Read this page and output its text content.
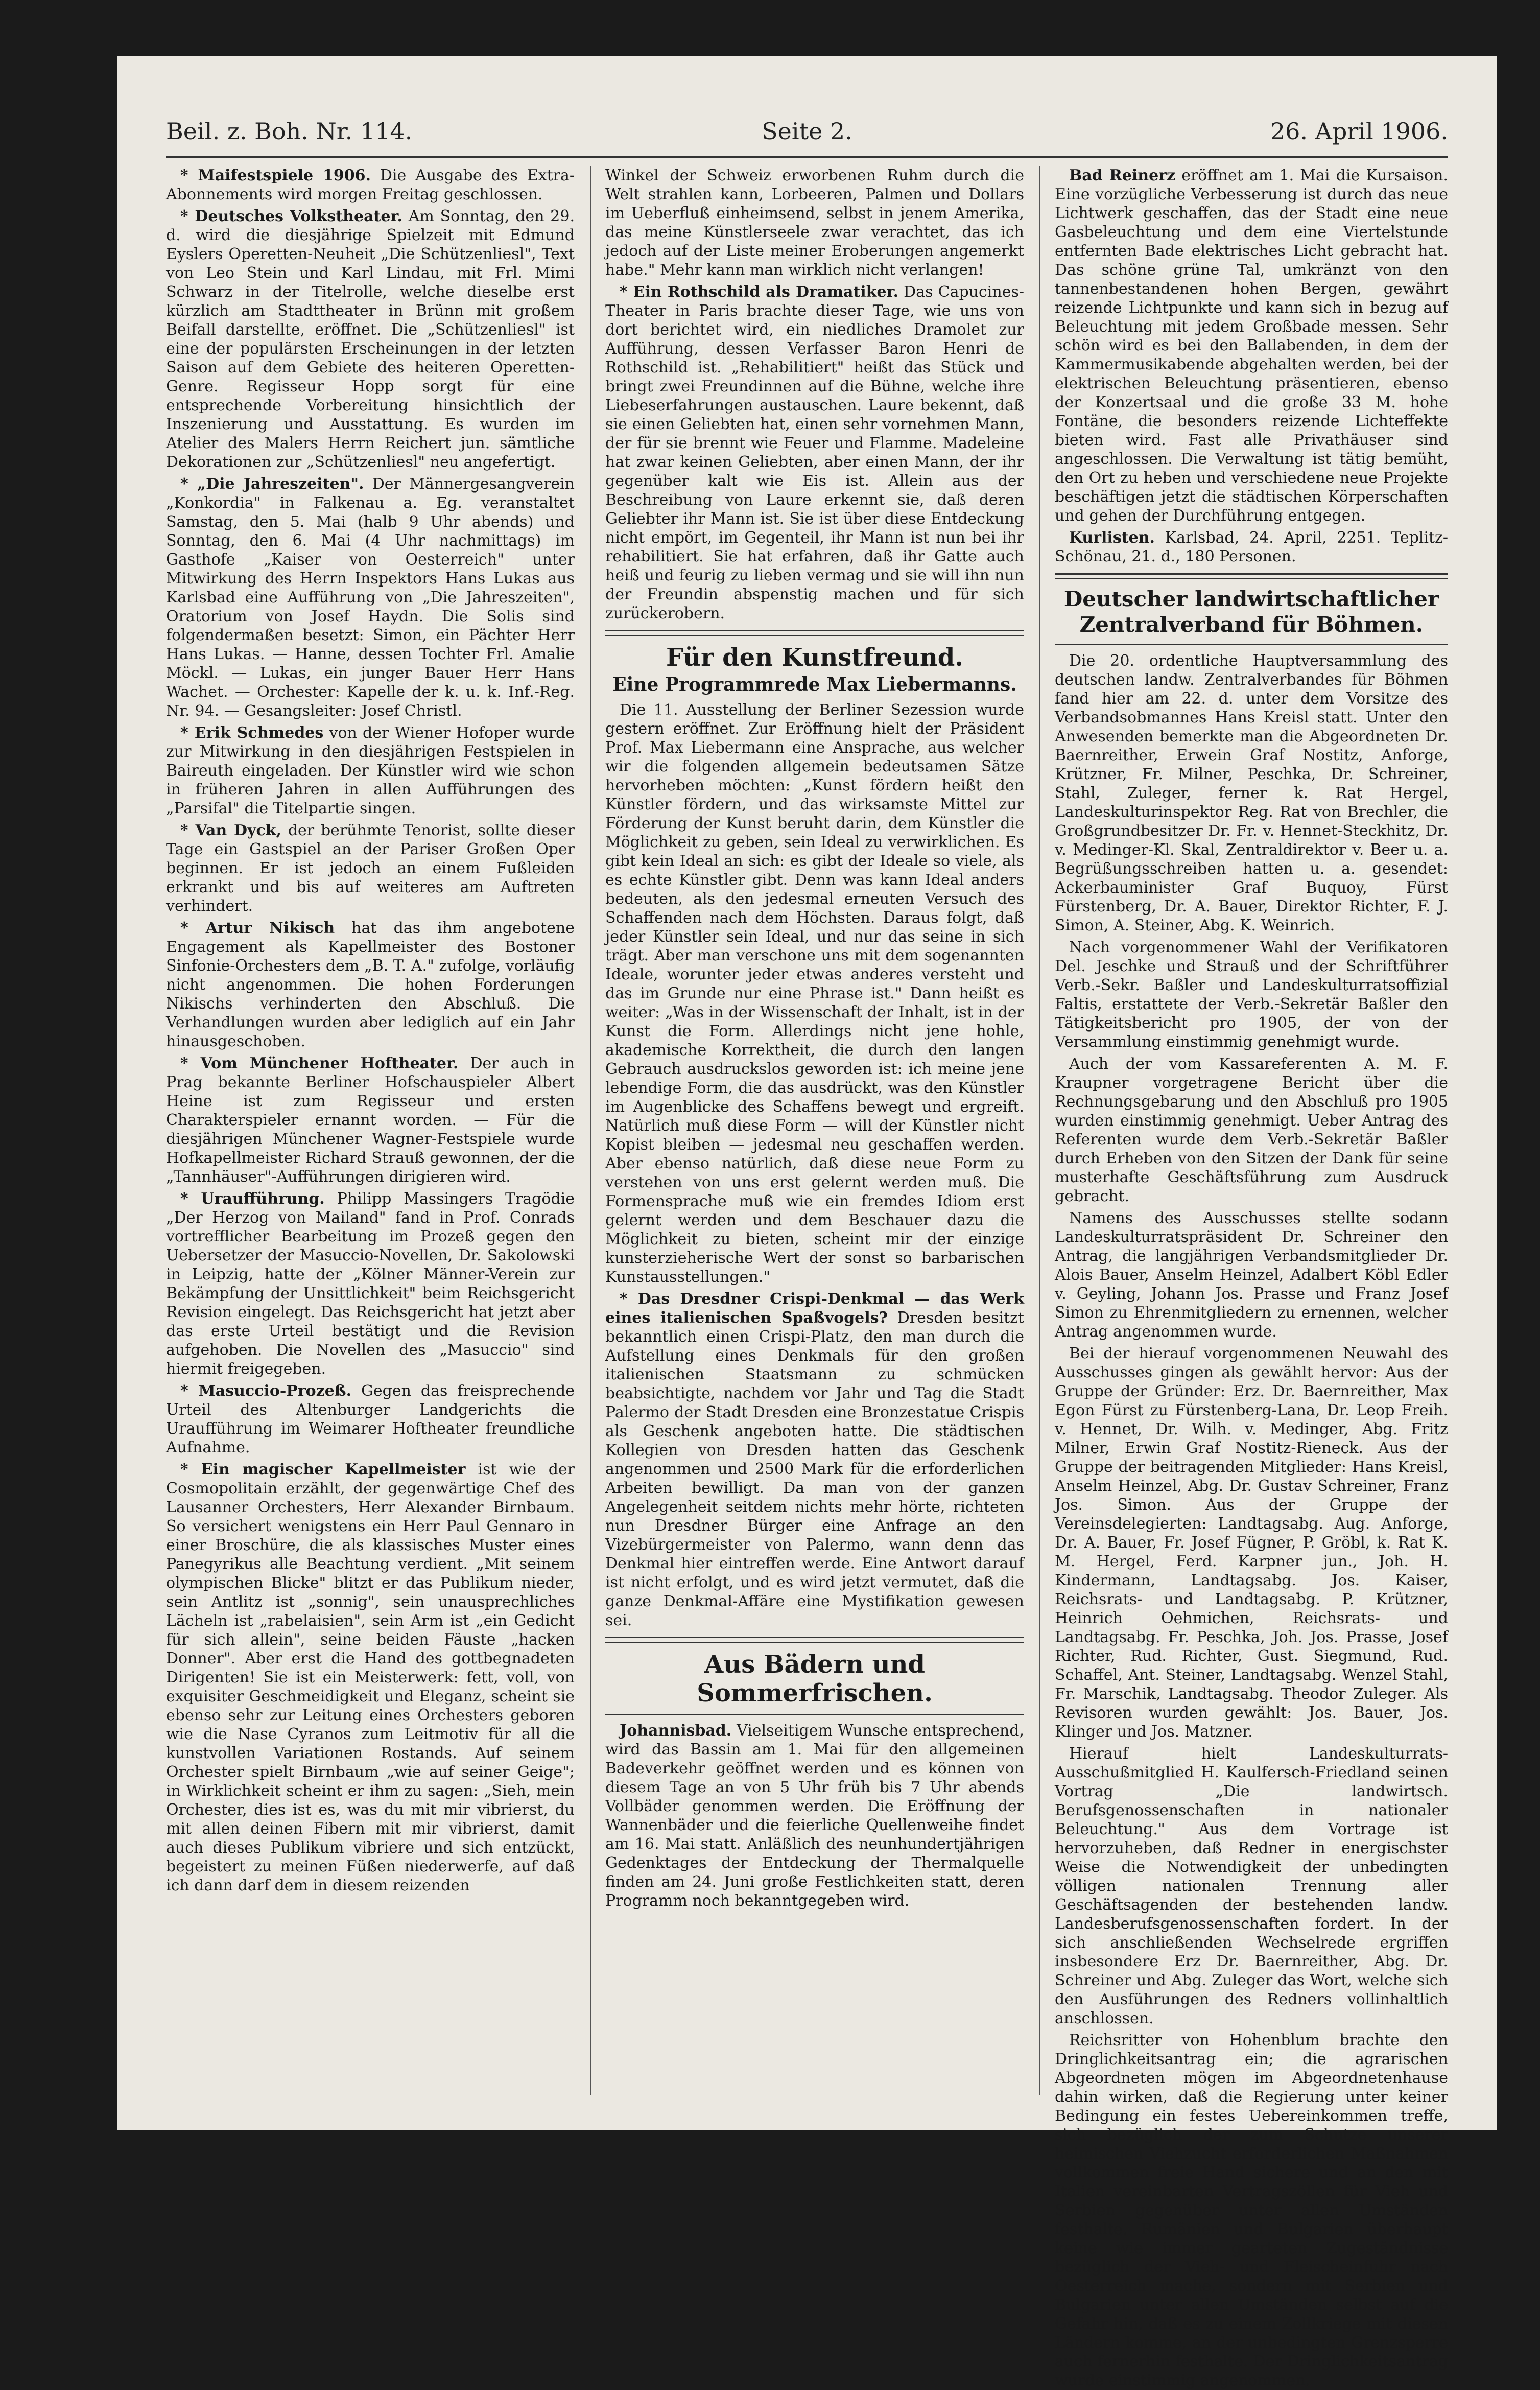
Beil. z. Boh. Nr. 114.	Seite 2.	26. April 1906.

* Maifestspiele 1906. Die Ausgabe des Extra-Abonnements wird morgen Freitag geschlossen.

* Deutsches Volkstheater. Am Sonntag, den 29. d. wird die diesjährige Spielzeit mit Edmund Eyslers Operetten-Neuheit „Die Schützenliesl", Text von Leo Stein und Karl Lindau, mit Frl. Mimi Schwarz in der Titelrolle, welche dieselbe erst kürzlich am Stadttheater in Brünn mit großem Beifall darstellte, eröffnet. Die „Schützenliesl" ist eine der populärsten Erscheinungen in der letzten Saison auf dem Gebiete des heiteren Operetten-Genre. Regisseur Hopp sorgt für eine entsprechende Vorbereitung hinsichtlich der Inszenierung und Ausstattung. Es wurden im Atelier des Malers Herrn Reichert jun. sämtliche Dekorationen zur „Schützenliesl" neu angefertigt.

* „Die Jahreszeiten". Der Männergesangverein „Konkordia" in Falkenau a. Eg. veranstaltet Samstag, den 5. Mai (halb 9 Uhr abends) und Sonntag, den 6. Mai (4 Uhr nachmittags) im Gasthofe „Kaiser von Oesterreich" unter Mitwirkung des Herrn Inspektors Hans Lukas aus Karlsbad eine Aufführung von „Die Jahreszeiten", Oratorium von Josef Haydn. Die Solis sind folgendermaßen besetzt: Simon, ein Pächter Herr Hans Lukas. — Hanne, dessen Tochter Frl. Amalie Möckl. — Lukas, ein junger Bauer Herr Hans Wachet. — Orchester: Kapelle der k. u. k. Inf.-Reg. Nr. 94. — Gesangsleiter: Josef Christl.

* Erik Schmedes von der Wiener Hofoper wurde zur Mitwirkung in den diesjährigen Festspielen in Baireuth eingeladen. Der Künstler wird wie schon in früheren Jahren in allen Aufführungen des „Parsifal" die Titelpartie singen.

* Van Dyck, der berühmte Tenorist, sollte dieser Tage ein Gastspiel an der Pariser Großen Oper beginnen. Er ist jedoch an einem Fußleiden erkrankt und bis auf weiteres am Auftreten verhindert.

* Artur Nikisch hat das ihm angebotene Engagement als Kapellmeister des Bostoner Sinfonie-Orchesters dem „B. T. A." zufolge, vorläufig nicht angenommen. Die hohen Forderungen Nikischs verhinderten den Abschluß. Die Verhandlungen wurden aber lediglich auf ein Jahr hinausgeschoben.

* Vom Münchener Hoftheater. Der auch in Prag bekannte Berliner Hofschauspieler Albert Heine ist zum Regisseur und ersten Charakterspieler ernannt worden. — Für die diesjährigen Münchener Wagner-Festspiele wurde Hofkapellmeister Richard Strauß gewonnen, der die „Tannhäuser"-Aufführungen dirigieren wird.

* Uraufführung. Philipp Massingers Tragödie „Der Herzog von Mailand" fand in Prof. Conrads vortrefflicher Bearbeitung im Prozeß gegen den Uebersetzer der Masuccio-Novellen, Dr. Sakolowski in Leipzig, hatte der „Kölner Männer-Verein zur Bekämpfung der Unsittlichkeit" beim Reichsgericht Revision eingelegt. Das Reichsgericht hat jetzt aber das erste Urteil bestätigt und die Revision aufgehoben. Die Novellen des „Masuccio" sind hiermit freigegeben.

* Masuccio-Prozeß. Gegen das freisprechende Urteil des Altenburger Landgerichts die Uraufführung im Weimarer Hoftheater freundliche Aufnahme.

* Ein magischer Kapellmeister ist wie der Cosmopolitain erzählt, der gegenwärtige Chef des Lausanner Orchesters, Herr Alexander Birnbaum. So versichert wenigstens ein Herr Paul Gennaro in einer Broschüre, die als klassisches Muster eines Panegyrikus alle Beachtung verdient. „Mit seinem olympischen Blicke" blitzt er das Publikum nieder, sein Antlitz ist „sonnig", sein unausprechliches Lächeln ist „rabelaisien", sein Arm ist „ein Gedicht für sich allein", seine beiden Fäuste „hacken Donner". Aber erst die Hand des gottbegnadeten Dirigenten! Sie ist ein Meisterwerk: fett, voll, von exquisiter Geschmeidigkeit und Eleganz, scheint sie ebenso sehr zur Leitung eines Orchesters geboren wie die Nase Cyranos zum Leitmotiv für all die kunstvollen Variationen Rostands. Auf seinem Orchester spielt Birnbaum „wie auf seiner Geige"; in Wirklichkeit scheint er ihm zu sagen: „Sieh, mein Orchester, dies ist es, was du mit mir vibrierst, du mit allen deinen Fibern mit mir vibrierst, damit auch dieses Publikum vibriere und sich entzückt, begeistert zu meinen Füßen niederwerfe, auf daß ich dann darf dem in diesem reizenden

Winkel der Schweiz erworbenen Ruhm durch die Welt strahlen kann, Lorbeeren, Palmen und Dollars im Ueberfluß einheimsend, selbst in jenem Amerika, das meine Künstlerseele zwar verachtet, das ich jedoch auf der Liste meiner Eroberungen angemerkt habe." Mehr kann man wirklich nicht verlangen!

* Ein Rothschild als Dramatiker. Das Capucines-Theater in Paris brachte dieser Tage, wie uns von dort berichtet wird, ein niedliches Dramolet zur Aufführung, dessen Verfasser Baron Henri de Rothschild ist. „Rehabilitiert" heißt das Stück und bringt zwei Freundinnen auf die Bühne, welche ihre Liebeserfahrungen austauschen. Laure bekennt, daß sie einen Geliebten hat, einen sehr vornehmen Mann, der für sie brennt wie Feuer und Flamme. Madeleine hat zwar keinen Geliebten, aber einen Mann, der ihr gegenüber kalt wie Eis ist. Allein aus der Beschreibung von Laure erkennt sie, daß deren Geliebter ihr Mann ist. Sie ist über diese Entdeckung nicht empört, im Gegenteil, ihr Mann ist nun bei ihr rehabilitiert. Sie hat erfahren, daß ihr Gatte auch heiß und feurig zu lieben vermag und sie will ihn nun der Freundin abspenstig machen und für sich zurückerobern.

Für den Kunstfreund.
Eine Programmrede Max Liebermanns.

Die 11. Ausstellung der Berliner Sezession wurde gestern eröffnet. Zur Eröffnung hielt der Präsident Prof. Max Liebermann eine Ansprache, aus welcher wir die folgenden allgemein bedeutsamen Sätze hervorheben möchten: „Kunst fördern heißt den Künstler fördern, und das wirksamste Mittel zur Förderung der Kunst beruht darin, dem Künstler die Möglichkeit zu geben, sein Ideal zu verwirklichen. Es gibt kein Ideal an sich: es gibt der Ideale so viele, als es echte Künstler gibt. Denn was kann Ideal anders bedeuten, als den jedesmal erneuten Versuch des Schaffenden nach dem Höchsten. Daraus folgt, daß jeder Künstler sein Ideal, und nur das seine in sich trägt. Aber man verschone uns mit dem sogenannten Ideale, worunter jeder etwas anderes versteht und das im Grunde nur eine Phrase ist." Dann heißt es weiter: „Was in der Wissenschaft der Inhalt, ist in der Kunst die Form. Allerdings nicht jene hohle, akademische Korrektheit, die durch den langen Gebrauch ausdruckslos geworden ist: ich meine jene lebendige Form, die das ausdrückt, was den Künstler im Augenblicke des Schaffens bewegt und ergreift. Natürlich muß diese Form — will der Künstler nicht Kopist bleiben — jedesmal neu geschaffen werden. Aber ebenso natürlich, daß diese neue Form zu verstehen von uns erst gelernt werden muß. Die Formensprache muß wie ein fremdes Idiom erst gelernt werden und dem Beschauer dazu die Möglichkeit zu bieten, scheint mir der einzige kunsterzieherische Wert der sonst so barbarischen Kunstausstellungen."

* Das Dresdner Crispi-Denkmal — das Werk eines italienischen Spaßvogels? Dresden besitzt bekanntlich einen Crispi-Platz, den man durch die Aufstellung eines Denkmals für den großen italienischen Staatsmann zu schmücken beabsichtigte, nachdem vor Jahr und Tag die Stadt Palermo der Stadt Dresden eine Bronzestatue Crispis als Geschenk angeboten hatte. Die städtischen Kollegien von Dresden hatten das Geschenk angenommen und 2500 Mark für die erforderlichen Arbeiten bewilligt. Da man von der ganzen Angelegenheit seitdem nichts mehr hörte, richteten nun Dresdner Bürger eine Anfrage an den Vizebürgermeister von Palermo, wann denn das Denkmal hier eintreffen werde. Eine Antwort darauf ist nicht erfolgt, und es wird jetzt vermutet, daß die ganze Denkmal-Affäre eine Mystifikation gewesen sei.

Aus Bädern und Sommerfrischen.

Johannisbad. Vielseitigem Wunsche entsprechend, wird das Bassin am 1. Mai für den allgemeinen Badeverkehr geöffnet werden und es können von diesem Tage an von 5 Uhr früh bis 7 Uhr abends Vollbäder genommen werden. Die Eröffnung der Wannenbäder und die feierliche Quellenweihe findet am 16. Mai statt. Anläßlich des neunhundertjährigen Gedenktages der Entdeckung der Thermalquelle finden am 24. Juni große Festlichkeiten statt, deren Programm noch bekanntgegeben wird.

Bad Reinerz eröffnet am 1. Mai die Kursaison. Eine vorzügliche Verbesserung ist durch das neue Lichtwerk geschaffen, das der Stadt eine neue Gasbeleuchtung und dem eine Viertelstunde entfernten Bade elektrisches Licht gebracht hat. Das schöne grüne Tal, umkränzt von den tannenbestandenen hohen Bergen, gewährt reizende Lichtpunkte und kann sich in bezug auf Beleuchtung mit jedem Großbade messen. Sehr schön wird es bei den Ballabenden, in dem der Kammermusikabende abgehalten werden, bei der elektrischen Beleuchtung präsentieren, ebenso der Konzertsaal und die große 33 M. hohe Fontäne, die besonders reizende Lichteffekte bieten wird. Fast alle Privathäuser sind angeschlossen. Die Verwaltung ist tätig bemüht, den Ort zu heben und verschiedene neue Projekte beschäftigen jetzt die städtischen Körperschaften und gehen der Durchführung entgegen.

Kurlisten. Karlsbad, 24. April, 2251. Teplitz-Schönau, 21. d., 180 Personen.

Deutscher landwirtschaftlicher Zentralverband für Böhmen.

Die 20. ordentliche Hauptversammlung des deutschen landw. Zentralverbandes für Böhmen fand hier am 22. d. unter dem Vorsitze des Verbandsobmannes Hans Kreisl statt. Unter den Anwesenden bemerkte man die Abgeordneten Dr. Baernreither, Erwein Graf Nostitz, Anforge, Krützner, Fr. Milner, Peschka, Dr. Schreiner, Stahl, Zuleger, ferner k. Rat Hergel, Landeskulturinspektor Reg. Rat von Brechler, die Großgrundbesitzer Dr. Fr. v. Hennet-Steckhitz, Dr. v. Medinger-Kl. Skal, Zentraldirektor v. Beer u. a. Begrüßungsschreiben hatten u. a. gesendet: Ackerbauminister Graf Buquoy, Fürst Fürstenberg, Dr. A. Bauer, Direktor Richter, F. J. Simon, A. Steiner, Abg. K. Weinrich.

Nach vorgenommener Wahl der Verifikatoren Del. Jeschke und Strauß und der Schriftführer Verb.-Sekr. Baßler und Landeskulturratsoffizial Faltis, erstattete der Verb.-Sekretär Baßler den Tätigkeitsbericht pro 1905, der von der Versammlung einstimmig genehmigt wurde.

Auch der vom Kassareferenten A. M. F. Kraupner vorgetragene Bericht über die Rechnungsgebarung und den Abschluß pro 1905 wurden einstimmig genehmigt. Ueber Antrag des Referenten wurde dem Verb.-Sekretär Baßler durch Erheben von den Sitzen der Dank für seine musterhafte Geschäftsführung zum Ausdruck gebracht.

Namens des Ausschusses stellte sodann Landeskulturratspräsident Dr. Schreiner den Antrag, die langjährigen Verbandsmitglieder Dr. Alois Bauer, Anselm Heinzel, Adalbert Köbl Edler v. Geyling, Johann Jos. Prasse und Franz Josef Simon zu Ehrenmitgliedern zu ernennen, welcher Antrag angenommen wurde.

Bei der hierauf vorgenommenen Neuwahl des Ausschusses gingen als gewählt hervor: Aus der Gruppe der Gründer: Erz. Dr. Baernreither, Max Egon Fürst zu Fürstenberg-Lana, Dr. Leop Freih. v. Hennet, Dr. Wilh. v. Medinger, Abg. Fritz Milner, Erwin Graf Nostitz-Rieneck. Aus der Gruppe der beitragenden Mitglieder: Hans Kreisl, Anselm Heinzel, Abg. Dr. Gustav Schreiner, Franz Jos. Simon. Aus der Gruppe der Vereinsdelegierten: Landtagsabg. Aug. Anforge, Dr. A. Bauer, Fr. Josef Fügner, P. Gröbl, k. Rat K. M. Hergel, Ferd. Karpner jun., Joh. H. Kindermann, Landtagsabg. Jos. Kaiser, Reichsrats- und Landtagsabg. P. Krützner, Heinrich Oehmichen, Reichsrats- und Landtagsabg. Fr. Peschka, Joh. Jos. Prasse, Josef Richter, Rud. Richter, Gust. Siegmund, Rud. Schaffel, Ant. Steiner, Landtagsabg. Wenzel Stahl, Fr. Marschik, Landtagsabg. Theodor Zuleger. Als Revisoren wurden gewählt: Jos. Bauer, Jos. Klinger und Jos. Matzner.

Hierauf hielt Landeskulturrats-Ausschußmitglied H. Kaulfersch-Friedland seinen Vortrag „Die landwirtsch. Berufsgenossenschaften in nationaler Beleuchtung." Aus dem Vortrage ist hervorzuheben, daß Redner in energischster Weise die Notwendigkeit der unbedingten völligen nationalen Trennung aller Geschäftsagenden der bestehenden landw. Landesberufsgenossenschaften fordert. In der sich anschließenden Wechselrede ergriffen insbesondere Erz Dr. Baernreither, Abg. Dr. Schreiner und Abg. Zuleger das Wort, welche sich den Ausführungen des Redners vollinhaltlich anschlossen.

Reichsritter von Hohenblum brachte den Dringlichkeitsantrag ein; die agrarischen Abgeordneten mögen im Abgeordnetenhause dahin wirken, daß die Regierung unter keiner Bedingung ein festes Uebereinkommen treffe, sich bezüglich der zum Schutze unserer heimischen Viehzucht erforderlichen Maßnahmen vollkommen freie Hand sichere und an den mit Italien vereinbarten Vertragszöllen für Vieh und Serbien gegenüber unter allen Umständen festhalte. Rumänien und Bulgarien überhaupt keine wie immer gearteten Zugeständnisse bezüglich der Vieh- und Fleischeinfuhr nach Oesterreich mache, sondern mit Serbien und Bulgarien unter allen Umständen selbst auf die Gefahr hin, daß es zu einem Zollkriege mit diesen Ländern komme, an der unbedingten Grenzsperre auch fernerhin festhalte. Der Dringlichkeitsantrag wurde einstimmig angenommen.
